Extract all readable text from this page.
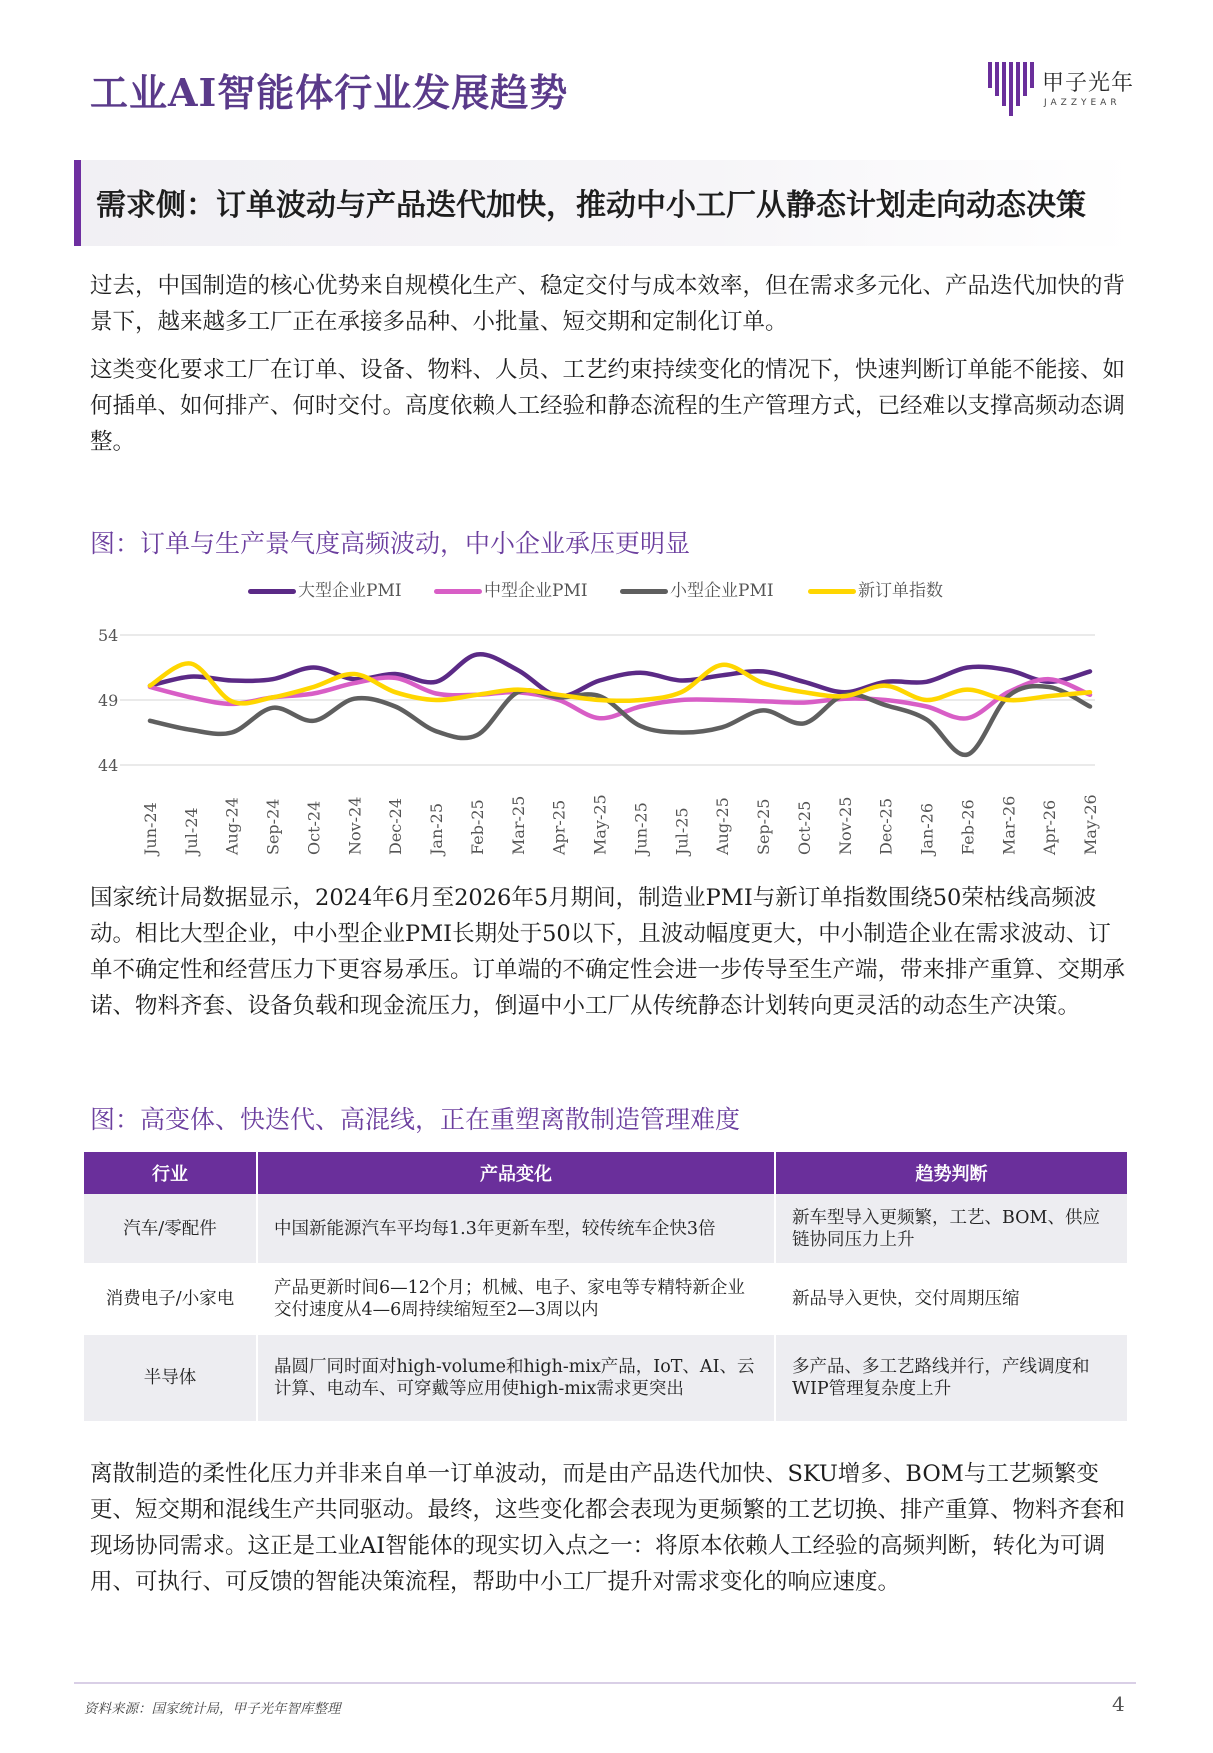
工业AI智能体行业发展趋势	甲子光年
JAZZYEAR
需求侧：订单波动与产品迭代加快，推动中小工厂从静态计划走向动态决策

过去，中国制造的核心优势来自规模化生产、稳定交付与成本效率，但在需求多元化、产品迭代加快的背景下，越来越多工厂正在承接多品种、小批量、短交期和定制化订单。

这类变化要求工厂在订单、设备、物料、人员、工艺约束持续变化的情况下，快速判断订单能不能接、如何插单、如何排产、何时交付。高度依赖人工经验和静态流程的生产管理方式，已经难以支撑高频动态调整。

图：订单与生产景气度高频波动，中小企业承压更明显
大型企业PMI	中型企业PMI	小型企业PMI	新订单指数
44
49
54
Jun-24 Jul-24 Aug-24 Sep-24 Oct-24 Nov-24 Dec-24 Jan-25 Feb-25 Mar-25 Apr-25 May-25 Jun-25 Jul-25 Aug-25 Sep-25 Oct-25 Nov-25 Dec-25 Jan-26 Feb-26 Mar-26 Apr-26 May-26

国家统计局数据显示，2024年6月至2026年5月期间，制造业PMI与新订单指数围绕50荣枯线高频波动。相比大型企业，中小型企业PMI长期处于50以下，且波动幅度更大，中小制造企业在需求波动、订单不确定性和经营压力下更容易承压。订单端的不确定性会进一步传导至生产端，带来排产重算、交期承诺、物料齐套、设备负载和现金流压力，倒逼中小工厂从传统静态计划转向更灵活的动态生产决策。

图：高变体、快迭代、高混线，正在重塑离散制造管理难度
行业	产品变化	趋势判断
汽车/零配件	中国新能源汽车平均每1.3年更新车型，较传统车企快3倍	新车型导入更频繁，工艺、BOM、供应链协同压力上升
消费电子/小家电	产品更新时间6—12个月；机械、电子、家电等专精特新企业交付速度从4—6周持续缩短至2—3周以内	新品导入更快，交付周期压缩
半导体	晶圆厂同时面对high-volume和high-mix产品，IoT、AI、云计算、电动车、可穿戴等应用使high-mix需求更突出	多产品、多工艺路线并行，产线调度和WIP管理复杂度上升

离散制造的柔性化压力并非来自单一订单波动，而是由产品迭代加快、SKU增多、BOM与工艺频繁变更、短交期和混线生产共同驱动。最终，这些变化都会表现为更频繁的工艺切换、排产重算、物料齐套和现场协同需求。这正是工业AI智能体的现实切入点之一：将原本依赖人工经验的高频判断，转化为可调用、可执行、可反馈的智能决策流程，帮助中小工厂提升对需求变化的响应速度。

资料来源：国家统计局，甲子光年智库整理	4
